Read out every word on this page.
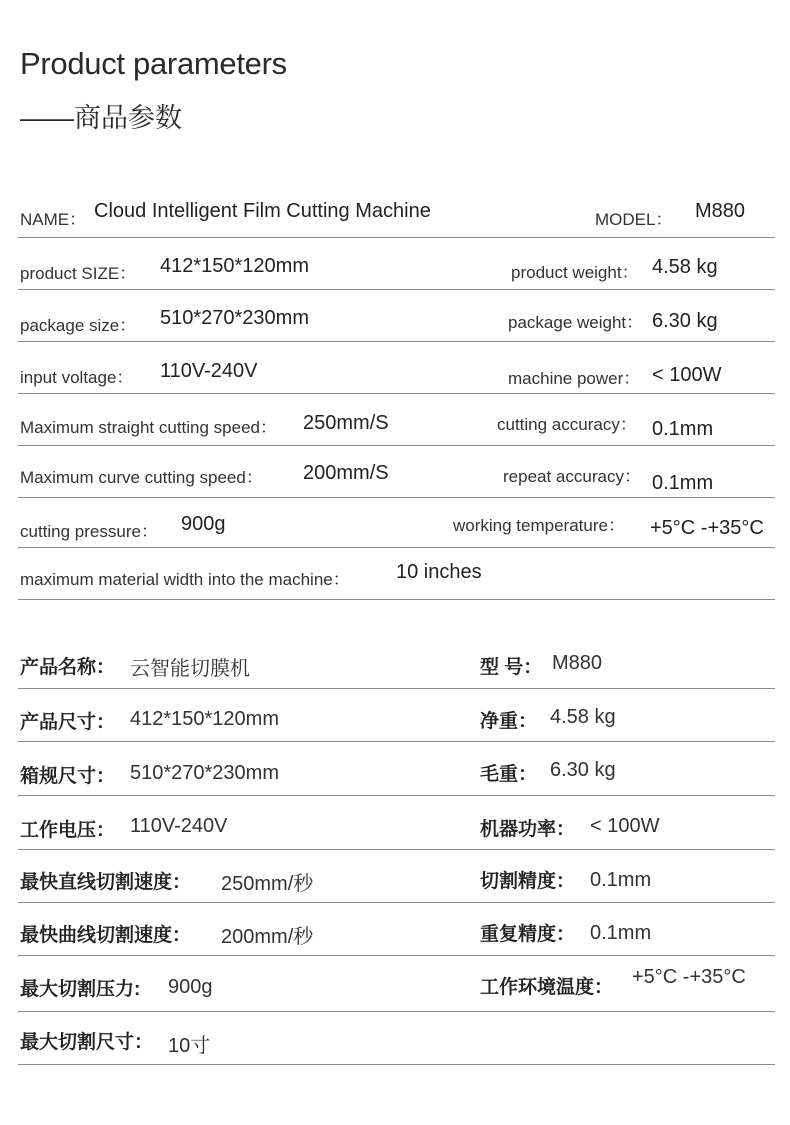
Product parameters
——商品参数
NAME： Cloud Intelligent Film Cutting Machine	MODEL： M880
product SIZE： 412*150*120mm	product weight： 4.58 kg
package size： 510*270*230mm	package weight： 6.30 kg
input voltage： 110V-240V	machine power： < 100W
Maximum straight cutting speed： 250mm/S	cutting accuracy： 0.1mm
Maximum curve cutting speed： 200mm/S	repeat accuracy： 0.1mm
cutting pressure： 900g	working temperature： +5°C -+35°C
maximum material width into the machine： 10 inches
产品名称： 云智能切膜机	型 号： M880
产品尺寸： 412*150*120mm	净重： 4.58 kg
箱规尺寸： 510*270*230mm	毛重： 6.30 kg
工作电压： 110V-240V	机器功率： < 100W
最快直线切割速度： 250mm/秒	切割精度： 0.1mm
最快曲线切割速度： 200mm/秒	重复精度： 0.1mm
最大切割压力: 900g	工作环境温度： +5°C -+35°C
最大切割尺寸： 10寸
